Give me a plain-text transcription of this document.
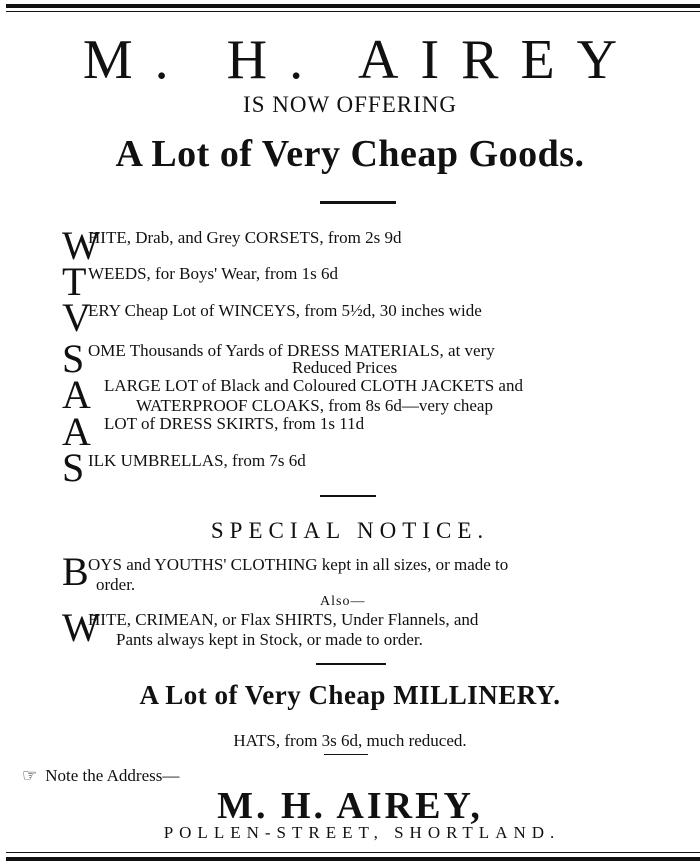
M. H. AIREY
IS NOW OFFERING
A Lot of Very Cheap Goods.
W
HITE, Drab, and Grey CORSETS, from 2s 9d
T WEEDS, for Boys' Wear, from 1s 6d
V
ERY Cheap Lot of WINCEYS, from 5½d, 30 inches wide
S OME Thousands of Yards of DRESS MATERIALS, at very
Reduced Prices
A LARGE LOT of Black and Coloured CLOTH JACKETS and
WATERPROOF CLOAKS, from 8s 6d—very cheap
A LOT of DRESS SKIRTS, from 1s 11d
S ILK UMBRELLAS, from 7s 6d
SPECIAL NOTICE.
B OYS and YOUTHS' CLOTHING kept in all sizes, or made to
order.
Also—
W
HITE, CRIMEAN, or Flax SHIRTS, Under Flannels, and
Pants always kept in Stock, or made to order.
A Lot of Very Cheap MILLINERY.
HATS, from 3s 6d, much reduced.
☞ Note the Address—
M. H. AIREY,
POLLEN-STREET, SHORTLAND.
